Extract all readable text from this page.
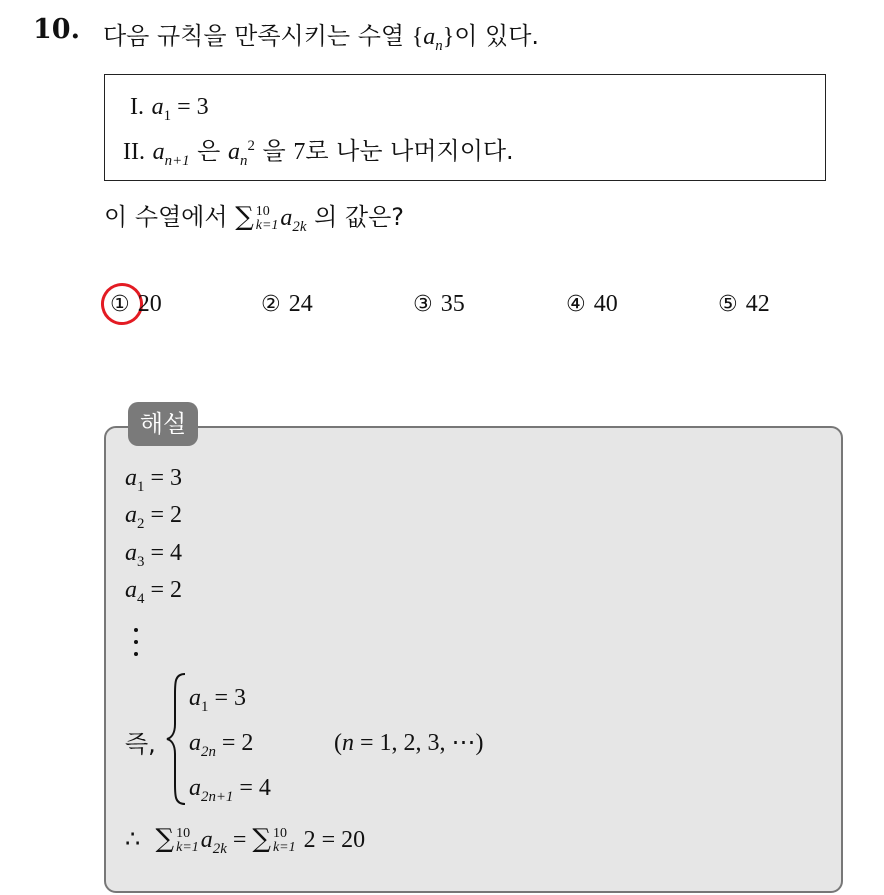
10. 다음 규칙을 만족시키는 수열 $\{a_n\}$이 있다.
I. $a_1 = 3$
II. $a_{n+1}$ 은 $a_n^2$ 을 7로 나눈 나머지이다.
이 수열에서 ∑ 10
k=1 $a_{2k}$ 의 값은?
① 20	② 24	③ 35	④ 40	⑤ 42
해설
$a_1 = 3$
$a_2 = 2$
$a_3 = 4$
$a_4 = 2$
즉,
$a_1 = 3$
$a_{2n} = 2$
$a_{2n+1} = 4$
(n = 1, 2, 3, ⋯)
∴ ∑ 10
k=1 $a_{2k}$ = ∑ 10
k=1 2 = 20
